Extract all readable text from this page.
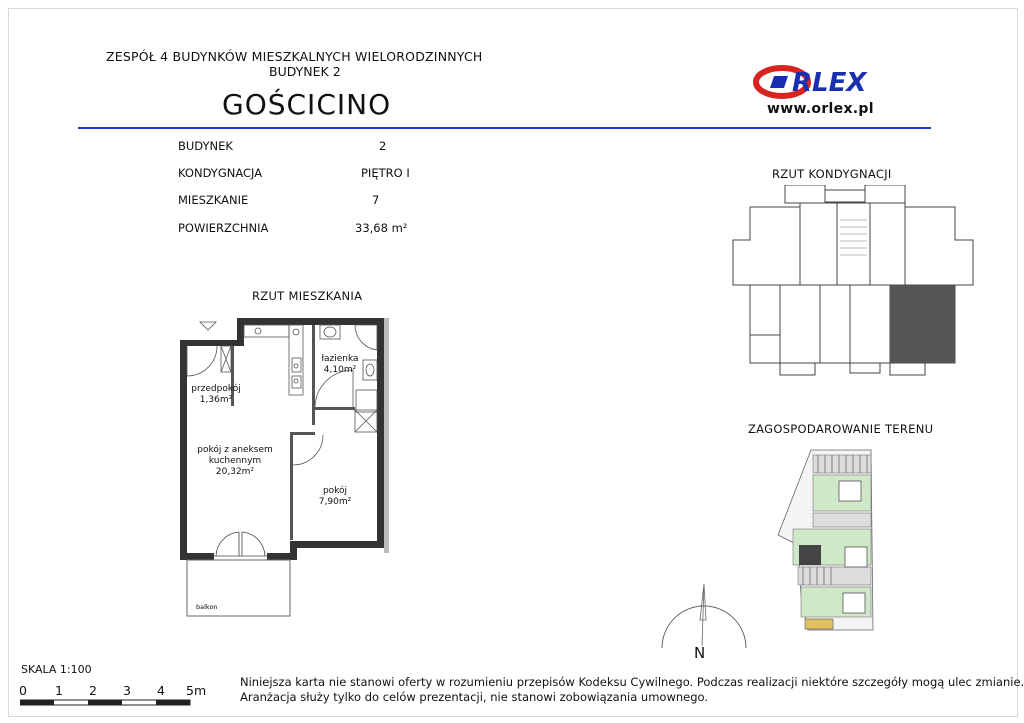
ZESPÓŁ 4 BUDYNKÓW MIESZKALNYCH WIELORODZINNYCH
BUDYNEK 2
GOŚCICINO
RLEX
www.orlex.pl
BUDYNEK	2
KONDYGNACJA	PIĘTRO I
MIESZKANIE	7
POWIERZCHNIA	33,68 m²
RZUT MIESZKANIA
RZUT KONDYGNACJI
ZAGOSPODAROWANIE TERENU
przedpokój
1,36m²
łazienka
4,10m²
pokój z aneksem
kuchennym
20,32m²
pokój
7,90m²
balkon
N
SKALA 1:100
0 1 2 3 4 5m
Niniejsza karta nie stanowi oferty w rozumieniu przepisów Kodeksu Cywilnego. Podczas realizacji niektóre szczegóły mogą ulec zmianie.
Aranżacja służy tylko do celów prezentacji, nie stanowi zobowiązania umownego.
